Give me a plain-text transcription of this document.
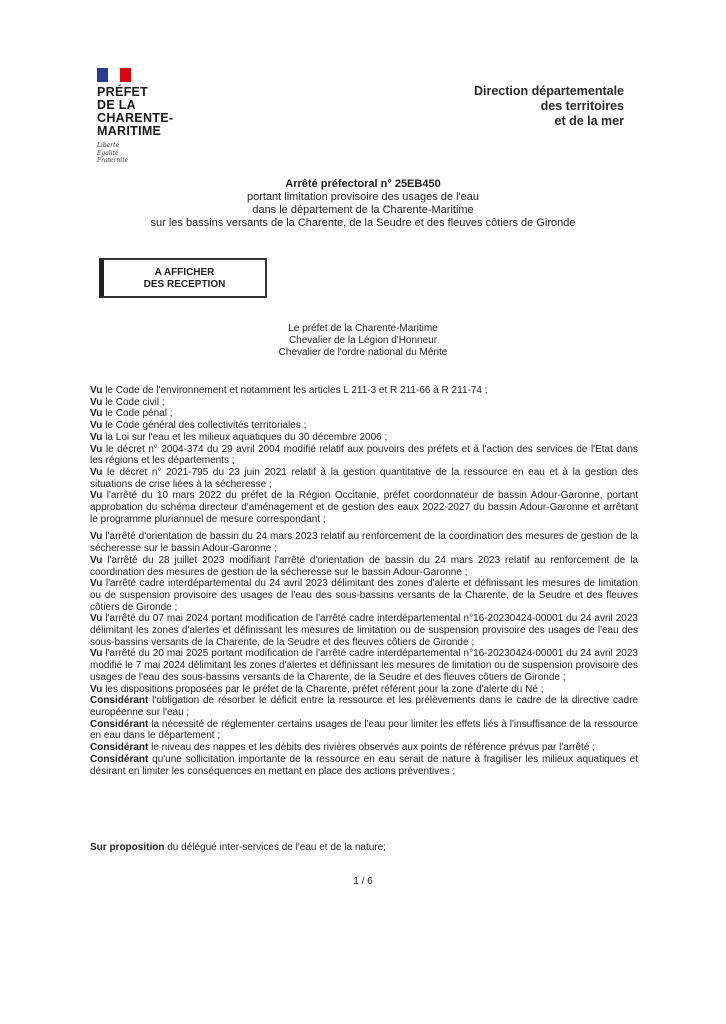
PRÉFET
DE LA
CHARENTE-
MARITIME
Liberté
Égalité
Fraternité
Direction départementale
des territoires
et de la mer
Arrêté préfectoral n° 25EB450
portant limitation provisoire des usages de l'eau
dans le département de la Charente-Maritime
sur les bassins versants de la Charente, de la Seudre et des fleuves côtiers de Gironde
A AFFICHER
DES RECEPTION
Le préfet de la Charente-Maritime
Chevalier de la Légion d'Honneur
Chevalier de l'ordre national du Mérite

Vu le Code de l'environnement et notamment les articles L 211-3 et R 211-66 à R 211-74 ;

Vu le Code civil ;

Vu le Code pénal ;

Vu le Code général des collectivités territoriales ;

Vu la Loi sur l'eau et les milieux aquatiques du 30 décembre 2006 ;

Vu le décret n° 2004-374 du 29 avril 2004 modifié relatif aux pouvoirs des préfets et à l'action des services de l'Etat dans les régions et les départements ;

Vu le décret n° 2021-795 du 23 juin 2021 relatif à la gestion quantitative de la ressource en eau et à la gestion des situations de crise liées à la sécheresse ;

Vu l'arrêté du 10 mars 2022 du préfet de la Région Occitanie, préfet coordonnateur de bassin Adour-Garonne, portant approbation du schéma directeur d'aménagement et de gestion des eaux 2022-2027 du bassin Adour-Garonne et arrêtant le programme pluriannuel de mesure correspondant ;

Vu l'arrêté d'orientation de bassin du 24 mars 2023 relatif au renforcement de la coordination des mesures de gestion de la sécheresse sur le bassin Adour-Garonne ;

Vu l'arrêté du 28 juillet 2023 modifiant l'arrêté d'orientation de bassin du 24 mars 2023 relatif au renforcement de la coordination des mesures de gestion de la sécheresse sur le bassin Adour-Garonne ;

Vu l'arrêté cadre interdépartemental du 24 avril 2023 délimitant des zones d'alerte et définissant les mesures de limitation ou de suspension provisoire des usages de l'eau des sous-bassins versants de la Charente, de la Seudre et des fleuves côtiers de Gironde ;

Vu l'arrêté du 07 mai 2024 portant modification de l'arrêté cadre interdépartemental n°16-20230424-00001 du 24 avril 2023 délimitant les zones d'alertes et définissant les mesures de limitation ou de suspension provisoire des usages de l'eau des sous-bassins versants de la Charente, de la Seudre et des fleuves côtiers de Gironde ;

Vu l'arrêté du 20 mai 2025 portant modification de l'arrêté cadre interdépartemental n°16-20230424-00001 du 24 avril 2023 modifié le 7 mai 2024 délimitant les zones d'alertes et définissant les mesures de limitation ou de suspension provisoire des usages de l'eau des sous-bassins versants de la Charente, de la Seudre et des fleuves côtiers de Gironde ;

Vu les dispositions proposées par le préfet de la Charente, préfet référent pour la zone d'alerte du Né ;

Considérant l'obligation de résorber le déficit entre la ressource et les prélèvements dans le cadre de la directive cadre européenne sur l'eau ;

Considérant la nécessité de réglementer certains usages de l'eau pour limiter les effets liés à l'insuffisance de la ressource en eau dans le département ;

Considérant le niveau des nappes et les débits des rivières observés aux points de référence prévus par l'arrêté ;

Considérant qu'une sollicitation importante de la ressource en eau serait de nature à fragiliser les milieux aquatiques et désirant en limiter les conséquences en mettant en place des actions préventives ;

Sur proposition du délégué inter-services de l'eau et de la nature;
1 / 6
